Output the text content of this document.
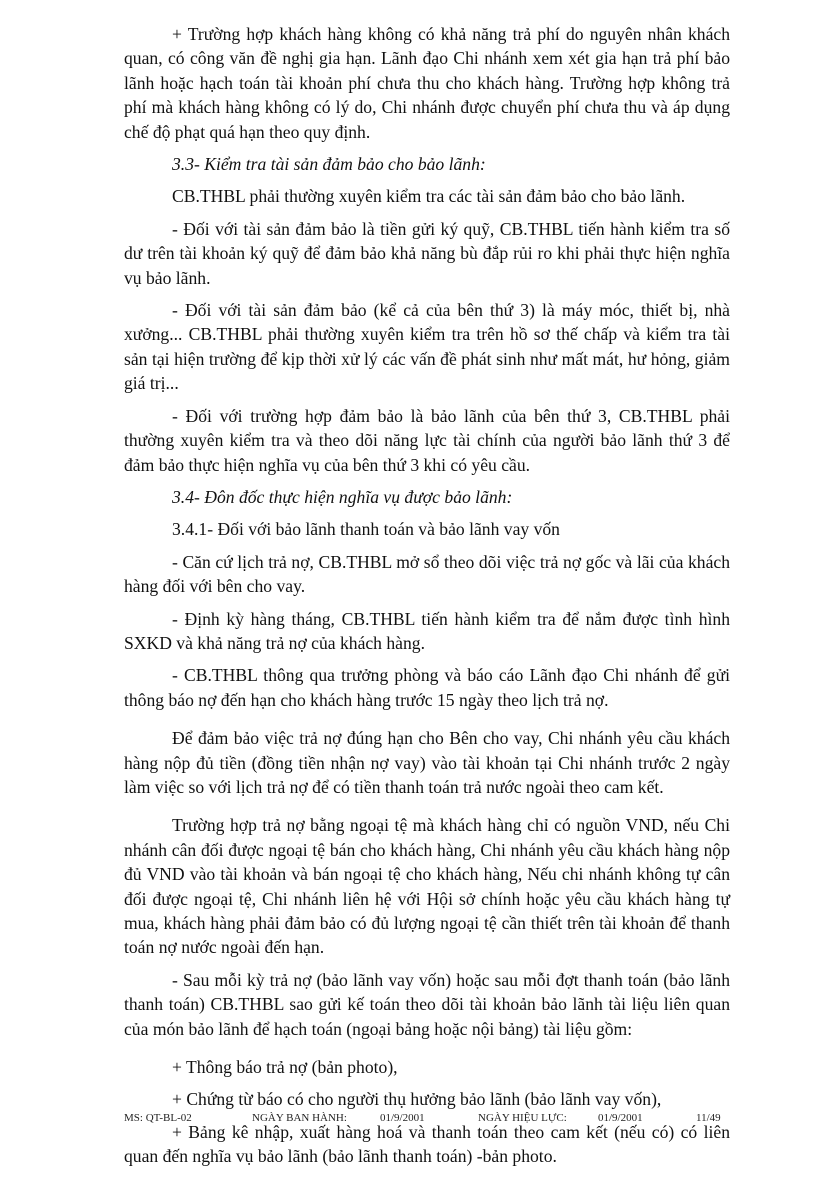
+ Trường hợp khách hàng không có khả năng trả phí do nguyên nhân khách quan, có công văn đề nghị gia hạn. Lãnh đạo Chi nhánh xem xét gia hạn trả phí bảo lãnh hoặc hạch toán tài khoản phí chưa thu cho khách hàng. Trường hợp không trả phí mà khách hàng không có lý do, Chi nhánh được chuyển phí chưa thu và áp dụng chế độ phạt quá hạn theo quy định.

3.3- Kiểm tra tài sản đảm bảo cho bảo lãnh:

CB.THBL phải thường xuyên kiểm tra các tài sản đảm bảo cho bảo lãnh.

- Đối với tài sản đảm bảo là tiền gửi ký quỹ, CB.THBL tiến hành kiểm tra số dư trên tài khoản ký quỹ để đảm bảo khả năng bù đắp rủi ro khi phải thực hiện nghĩa vụ bảo lãnh.

- Đối với tài sản đảm bảo (kể cả của bên thứ 3) là máy móc, thiết bị, nhà xưởng... CB.THBL phải thường xuyên kiểm tra trên hồ sơ thế chấp và kiểm tra tài sản tại hiện trường để kịp thời xử lý các vấn đề phát sinh như mất mát, hư hỏng, giảm giá trị...

- Đối với trường hợp đảm bảo là bảo lãnh của bên thứ 3, CB.THBL phải thường xuyên kiểm tra và theo dõi năng lực tài chính của người bảo lãnh thứ 3 để đảm bảo thực hiện nghĩa vụ của bên thứ 3 khi có yêu cầu.

3.4- Đôn đốc thực hiện nghĩa vụ được bảo lãnh:

3.4.1- Đối với bảo lãnh thanh toán và bảo lãnh vay vốn

- Căn cứ lịch trả nợ, CB.THBL mở sổ theo dõi việc trả nợ gốc và lãi của khách hàng đối với bên cho vay.

- Định kỳ hàng tháng, CB.THBL tiến hành kiểm tra để nắm được tình hình SXKD và khả năng trả nợ của khách hàng.

- CB.THBL thông qua trưởng phòng và báo cáo Lãnh đạo Chi nhánh để gửi thông báo nợ đến hạn cho khách hàng trước 15 ngày theo lịch trả nợ.

Để đảm bảo việc trả nợ đúng hạn cho Bên cho vay, Chi nhánh yêu cầu khách hàng nộp đủ tiền (đồng tiền nhận nợ vay) vào tài khoản tại Chi nhánh trước 2 ngày làm việc so với lịch trả nợ để có tiền thanh toán trả nước ngoài theo cam kết.

Trường hợp trả nợ bằng ngoại tệ mà khách hàng chỉ có nguồn VND, nếu Chi nhánh cân đối được ngoại tệ bán cho khách hàng, Chi nhánh yêu cầu khách hàng nộp đủ VND vào tài khoản và bán ngoại tệ cho khách hàng, Nếu chi nhánh không tự cân đối được ngoại tệ, Chi nhánh liên hệ với Hội sở chính hoặc yêu cầu khách hàng tự mua, khách hàng phải đảm bảo có đủ lượng ngoại tệ cần thiết trên tài khoản để thanh toán nợ nước ngoài đến hạn.

- Sau mỗi kỳ trả nợ (bảo lãnh vay vốn) hoặc sau mỗi đợt thanh toán (bảo lãnh thanh toán) CB.THBL sao gửi kế toán theo dõi tài khoản bảo lãnh tài liệu liên quan của món bảo lãnh để hạch toán (ngoại bảng hoặc nội bảng) tài liệu gồm:

+ Thông báo trả nợ (bản photo),

+ Chứng từ báo có cho người thụ hưởng bảo lãnh (bảo lãnh vay vốn),

+ Bảng kê nhập, xuất hàng hoá và thanh toán theo cam kết (nếu có) có liên quan đến nghĩa vụ bảo lãnh (bảo lãnh thanh toán) -bản photo.

MS: QT-BL-02	NGÀY BAN HÀNH:	01/9/2001	NGÀY HIỆU LỰC:	01/9/2001	11/49
